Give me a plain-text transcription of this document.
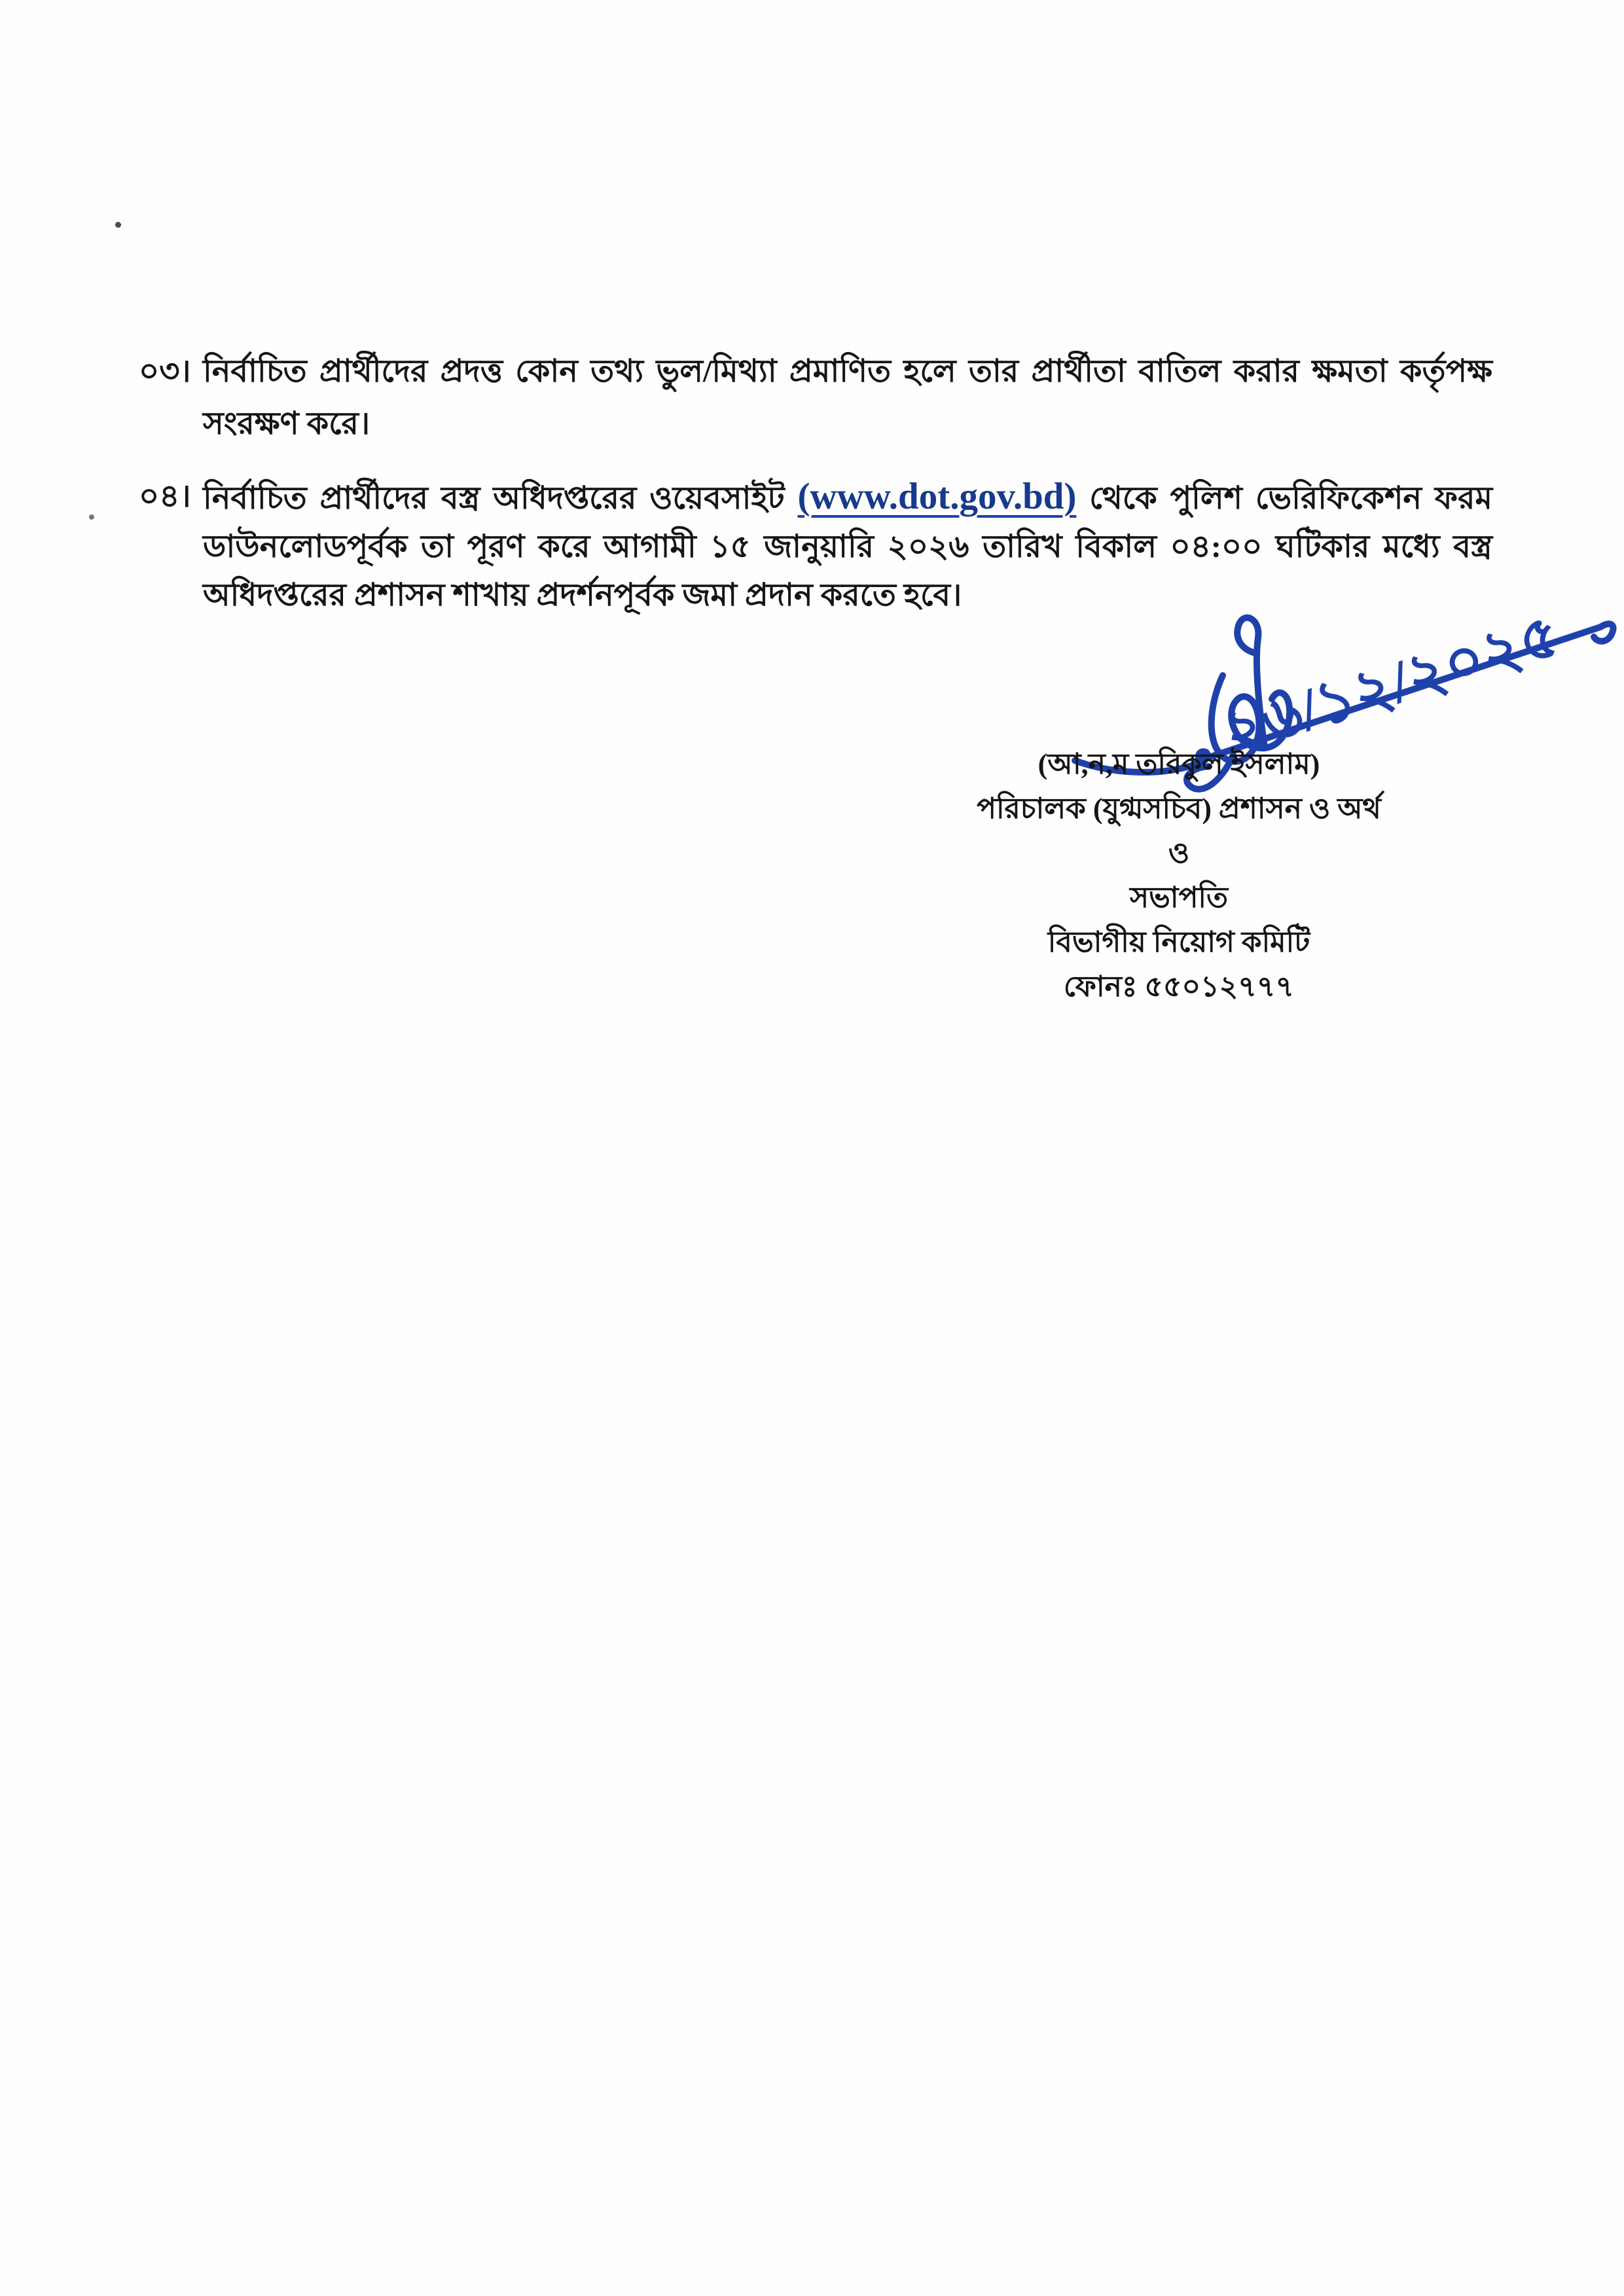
০৩। নির্বাচিত প্রার্থীদের প্রদত্ত কোন তথ্য ভুল/মিথ্যা প্রমাণিত হলে তার প্রার্থীতা বাতিল করার ক্ষমতা কর্তৃপক্ষ সংরক্ষণ করে।
০৪। নির্বাচিত প্রার্থীদের বস্ত্র অধিদপ্তরের ওয়েবসাইট (www.dot.gov.bd) থেকে পুলিশ ভেরিফিকেশন ফরম ডাউনলোডপূর্বক তা পূরণ করে আগামী ১৫ জানুয়ারি ২০২৬ তারিখ বিকাল ০৪:০০ ঘটিকার মধ্যে বস্ত্র অধিদপ্তরের প্রশাসন শাখায় প্রদর্শনপূর্বক জমা প্রদান করতে হবে।
২৬/১২/২০২৫
(আ,ন,ম তরিকুল ইসলাম)
পরিচালক (যুগ্মসচিব) প্রশাসন ও অর্থ
ও
সভাপতি
বিভাগীয় নিয়োগ কমিটি
ফোনঃ ৫৫০১২৭৭৭
